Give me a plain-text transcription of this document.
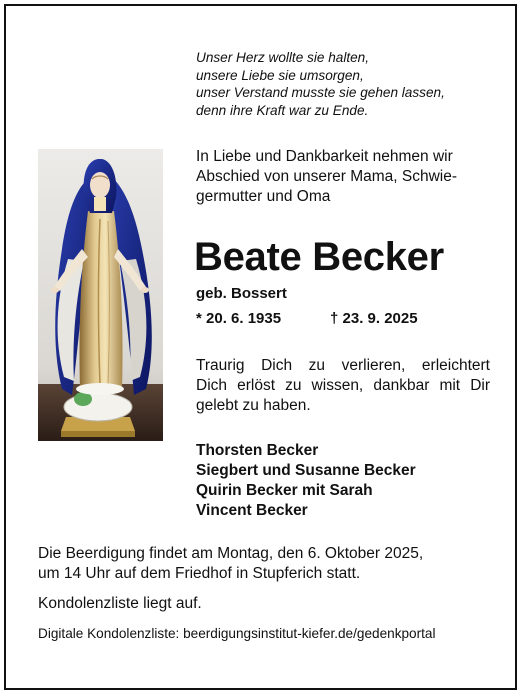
Unser Herz wollte sie halten,
unsere Liebe sie umsorgen,
unser Verstand musste sie gehen lassen,
denn ihre Kraft war zu Ende.
In Liebe und Dankbarkeit nehmen wir
Abschied von unserer Mama, Schwie-
germutter und Oma
Beate Becker
geb. Bossert
* 20. 6. 1935	† 23. 9. 2025
Traurig Dich zu verlieren, erleichtert
Dich erlöst zu wissen, dankbar mit Dir
gelebt zu haben.
Thorsten Becker
Siegbert und Susanne Becker
Quirin Becker mit Sarah
Vincent Becker
Die Beerdigung findet am Montag, den 6. Oktober 2025,
um 14 Uhr auf dem Friedhof in Stupferich statt.
Kondolenzliste liegt auf.
Digitale Kondolenzliste: beerdigungsinstitut-kiefer.de/gedenkportal
